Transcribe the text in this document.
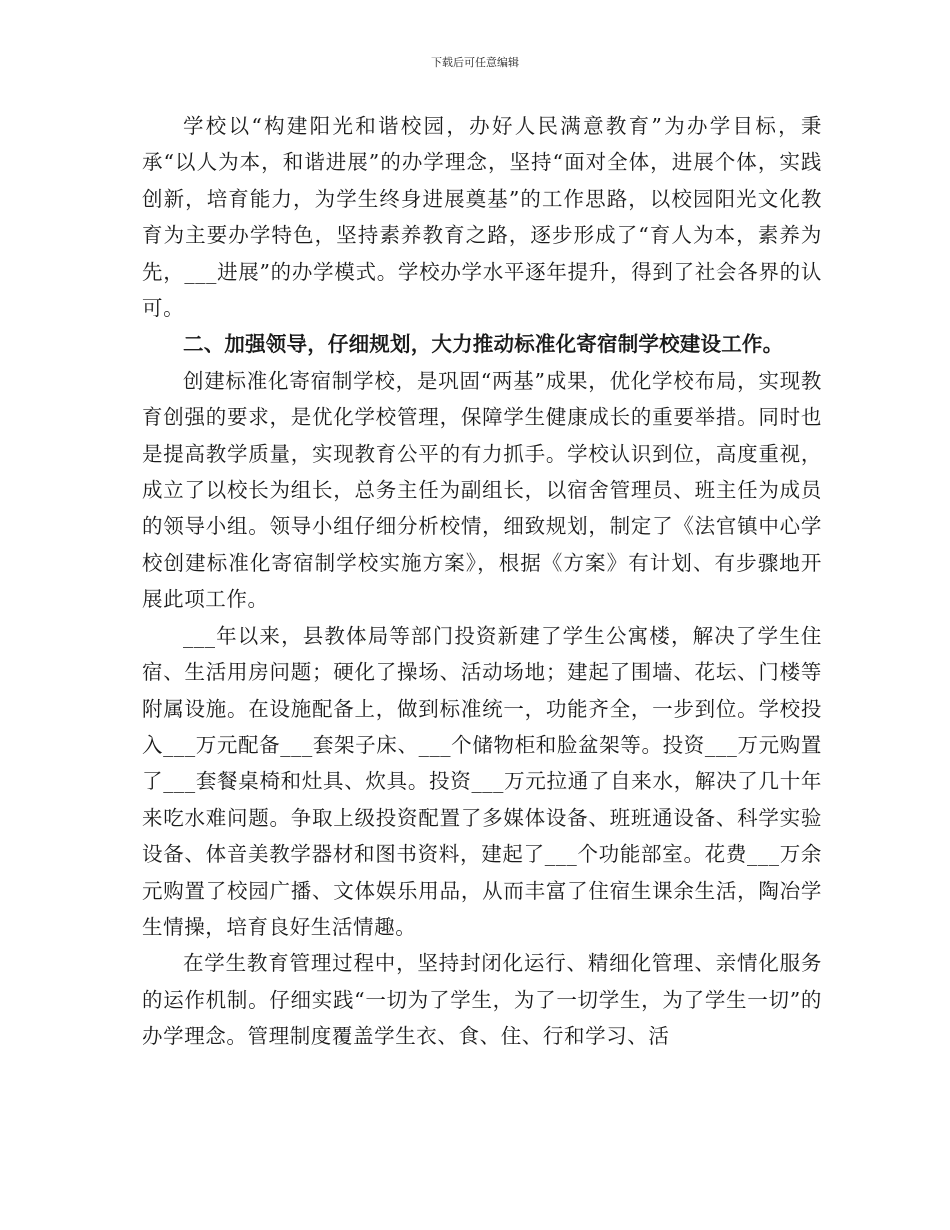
下载后可任意编辑

学校以“构建阳光和谐校园，办好人民满意教育”为办学目标，秉承“以人为本，和谐进展”的办学理念，坚持“面对全体，进展个体，实践创新，培育能力，为学生终身进展奠基”的工作思路，以校园阳光文化教育为主要办学特色，坚持素养教育之路，逐步形成了“育人为本，素养为先，___进展”的办学模式。学校办学水平逐年提升，得到了社会各界的认可。

二、加强领导，仔细规划，大力推动标准化寄宿制学校建设工作。

创建标准化寄宿制学校，是巩固“两基”成果，优化学校布局，实现教育创强的要求，是优化学校管理，保障学生健康成长的重要举措。同时也是提高教学质量，实现教育公平的有力抓手。学校认识到位，高度重视，成立了以校长为组长，总务主任为副组长，以宿舍管理员、班主任为成员的领导小组。领导小组仔细分析校情，细致规划，制定了《法官镇中心学校创建标准化寄宿制学校实施方案》，根据《方案》有计划、有步骤地开展此项工作。

___年以来，县教体局等部门投资新建了学生公寓楼，解决了学生住宿、生活用房问题；硬化了操场、活动场地；建起了围墙、花坛、门楼等附属设施。在设施配备上，做到标准统一，功能齐全，一步到位。学校投入___万元配备___套架子床、___个储物柜和脸盆架等。投资___万元购置了___套餐桌椅和灶具、炊具。投资___万元拉通了自来水，解决了几十年来吃水难问题。争取上级投资配置了多媒体设备、班班通设备、科学实验设备、体音美教学器材和图书资料，建起了___个功能部室。花费___万余元购置了校园广播、文体娱乐用品，从而丰富了住宿生课余生活，陶冶学生情操，培育良好生活情趣。

在学生教育管理过程中，坚持封闭化运行、精细化管理、亲情化服务的运作机制。仔细实践“一切为了学生，为了一切学生，为了学生一切”的办学理念。管理制度覆盖学生衣、食、住、行和学习、活
